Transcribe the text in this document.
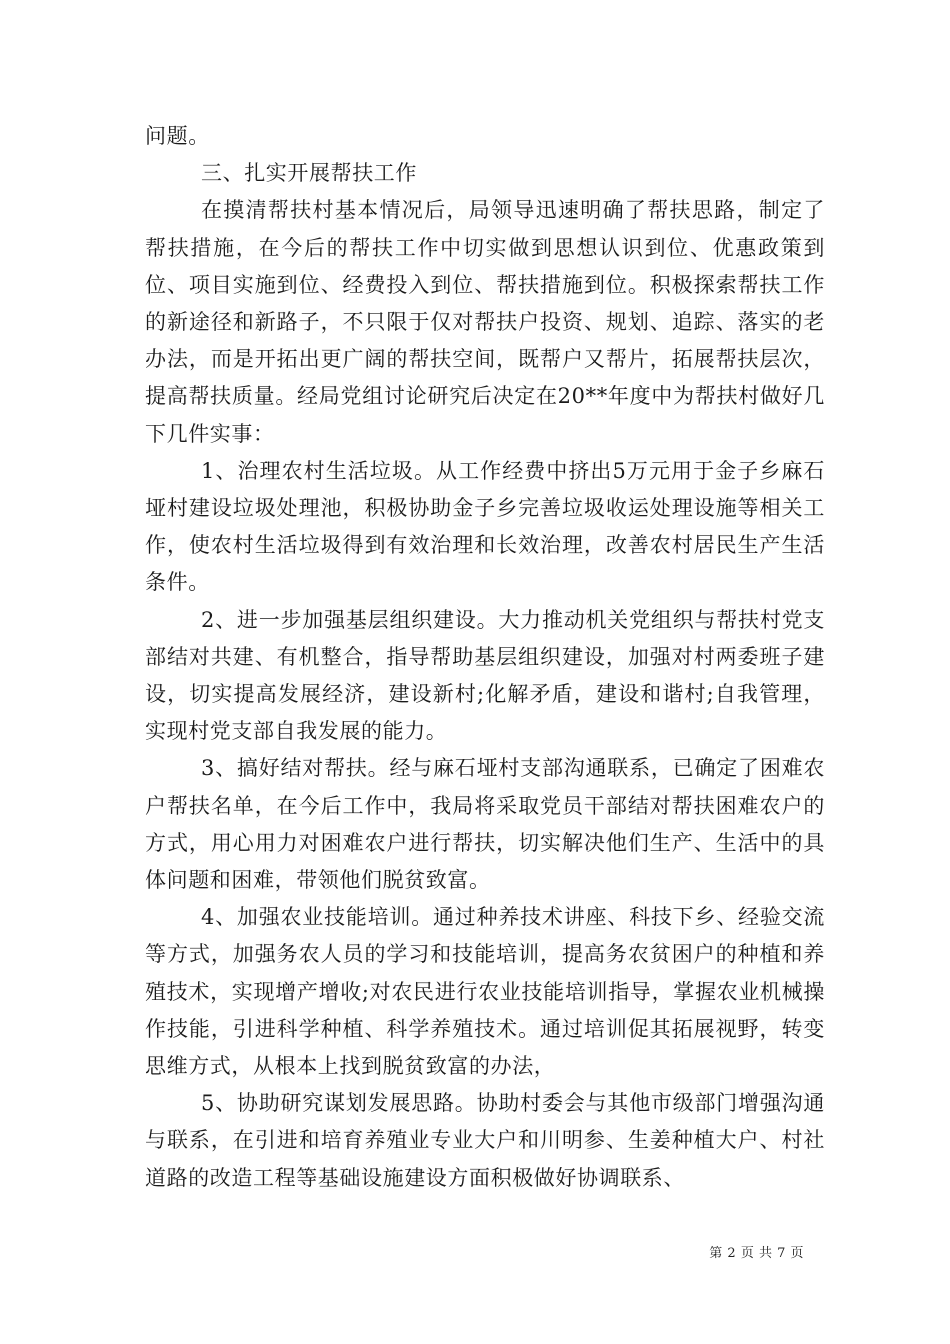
问题。

三、扎实开展帮扶工作

在摸清帮扶村基本情况后，局领导迅速明确了帮扶思路，制定了帮扶措施，在今后的帮扶工作中切实做到思想认识到位、优惠政策到位、项目实施到位、经费投入到位、帮扶措施到位。积极探索帮扶工作的新途径和新路子，不只限于仅对帮扶户投资、规划、追踪、落实的老办法，而是开拓出更广阔的帮扶空间，既帮户又帮片，拓展帮扶层次，提高帮扶质量。经局党组讨论研究后决定在20**年度中为帮扶村做好几下几件实事：

1、治理农村生活垃圾。从工作经费中挤出5万元用于金子乡麻石垭村建设垃圾处理池，积极协助金子乡完善垃圾收运处理设施等相关工作，使农村生活垃圾得到有效治理和长效治理，改善农村居民生产生活条件。

2、进一步加强基层组织建设。大力推动机关党组织与帮扶村党支部结对共建、有机整合，指导帮助基层组织建设，加强对村两委班子建设，切实提高发展经济，建设新村;化解矛盾，建设和谐村;自我管理，实现村党支部自我发展的能力。

3、搞好结对帮扶。经与麻石垭村支部沟通联系，已确定了困难农户帮扶名单，在今后工作中，我局将采取党员干部结对帮扶困难农户的方式，用心用力对困难农户进行帮扶，切实解决他们生产、生活中的具体问题和困难，带领他们脱贫致富。

4、加强农业技能培训。通过种养技术讲座、科技下乡、经验交流等方式，加强务农人员的学习和技能培训，提高务农贫困户的种植和养殖技术，实现增产增收;对农民进行农业技能培训指导，掌握农业机械操作技能，引进科学种植、科学养殖技术。通过培训促其拓展视野，转变思维方式，从根本上找到脱贫致富的办法，

5、协助研究谋划发展思路。协助村委会与其他市级部门增强沟通与联系，在引进和培育养殖业专业大户和川明参、生姜种植大户、村社道路的改造工程等基础设施建设方面积极做好协调联系、

第 2 页 共 7 页
